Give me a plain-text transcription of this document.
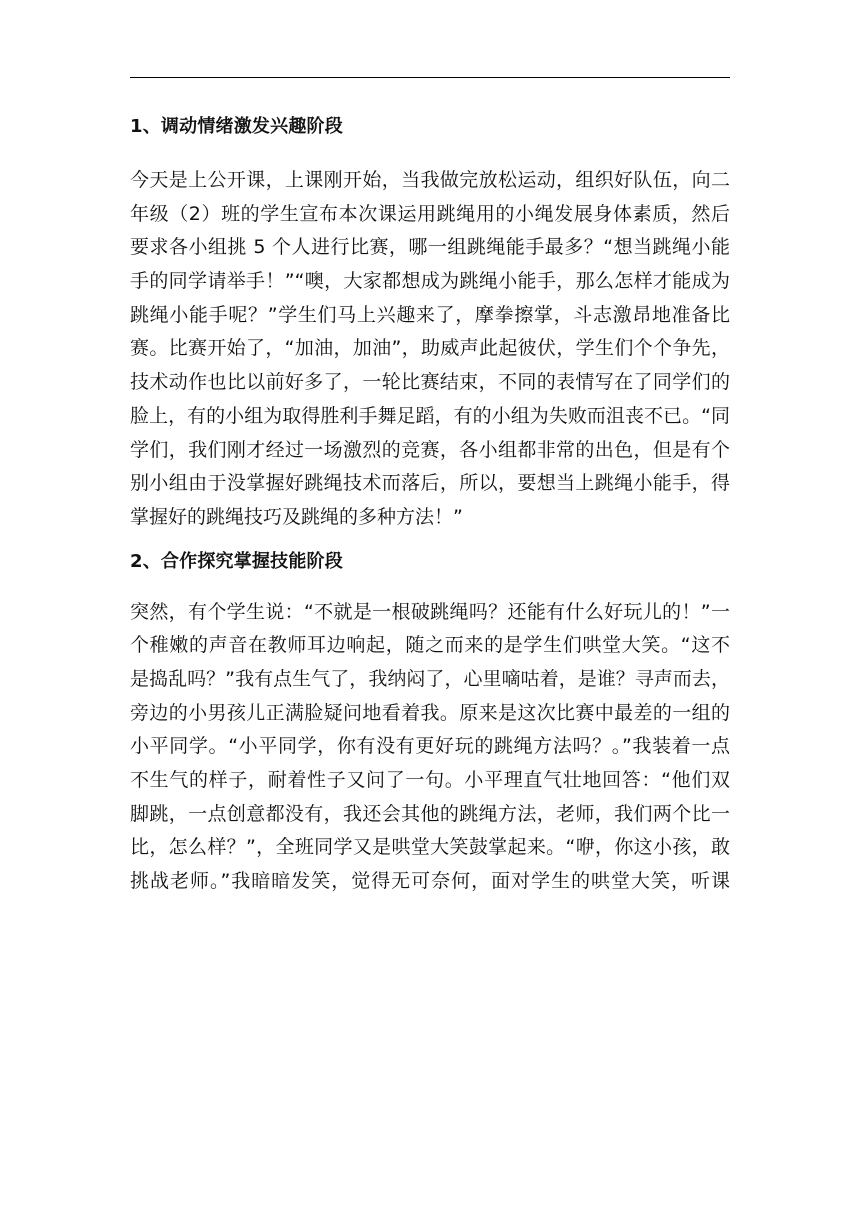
1、调动情绪激发兴趣阶段
今天是上公开课，上课刚开始，当我做完放松运动，组织好队伍，向二
年级（2）班的学生宣布本次课运用跳绳用的小绳发展身体素质，然后
要求各小组挑 5 个人进行比赛，哪一组跳绳能手最多？“想当跳绳小能
手的同学请举手！”“噢，大家都想成为跳绳小能手，那么怎样才能成为
跳绳小能手呢？”学生们马上兴趣来了，摩拳擦掌，斗志激昂地准备比
赛。比赛开始了，“加油，加油”，助威声此起彼伏，学生们个个争先，
技术动作也比以前好多了，一轮比赛结束，不同的表情写在了同学们的
脸上，有的小组为取得胜利手舞足蹈，有的小组为失败而沮丧不已。“同
学们，我们刚才经过一场激烈的竞赛，各小组都非常的出色，但是有个
别小组由于没掌握好跳绳技术而落后，所以，要想当上跳绳小能手，得
掌握好的跳绳技巧及跳绳的多种方法！”
2、合作探究掌握技能阶段
突然，有个学生说：“不就是一根破跳绳吗？还能有什么好玩儿的！”一
个稚嫩的声音在教师耳边响起，随之而来的是学生们哄堂大笑。“这不
是捣乱吗？”我有点生气了，我纳闷了，心里嘀咕着，是谁？寻声而去，
旁边的小男孩儿正满脸疑问地看着我。原来是这次比赛中最差的一组的
小平同学。“小平同学，你有没有更好玩的跳绳方法吗？。”我装着一点
不生气的样子，耐着性子又问了一句。小平理直气壮地回答：“他们双
脚跳，一点创意都没有，我还会其他的跳绳方法，老师，我们两个比一
比，怎么样？”，全班同学又是哄堂大笑鼓掌起来。“咿，你这小孩，敢
挑战老师。”我暗暗发笑，觉得无可奈何，面对学生的哄堂大笑，听课
